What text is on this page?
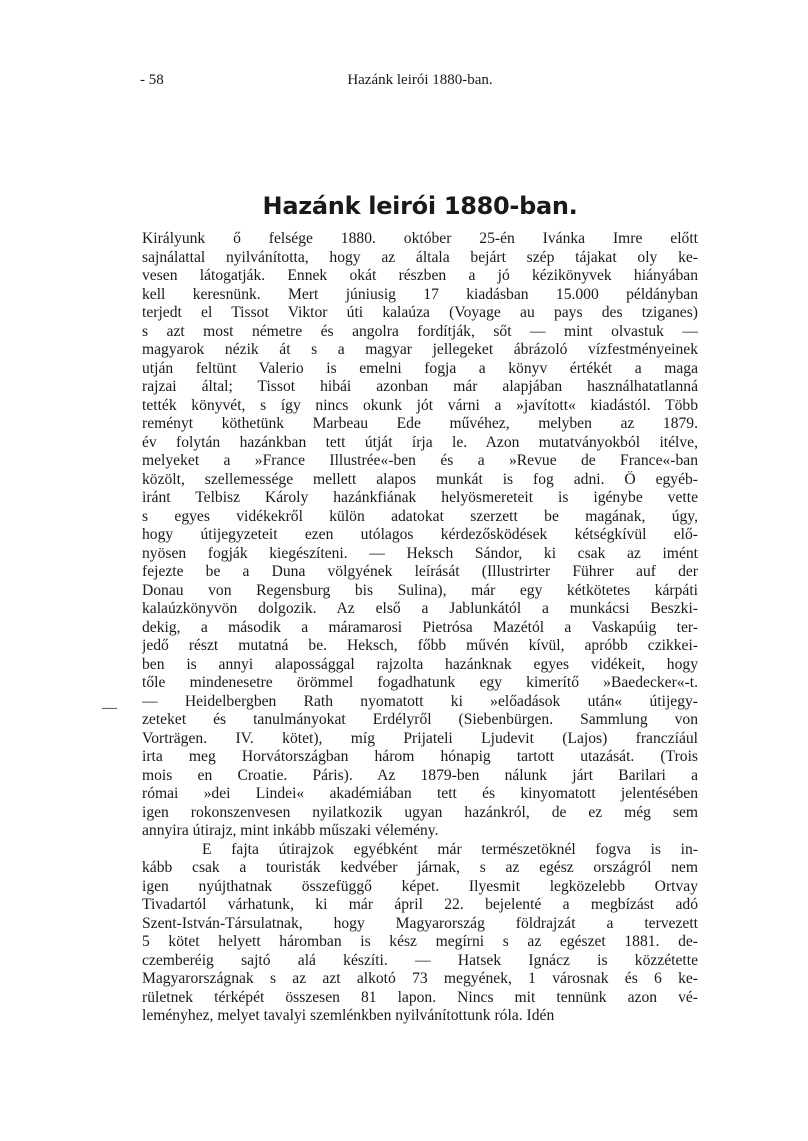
- 58	Hazánk leirói 1880-ban.
Hazánk leirói 1880-ban.
—
Királyunk ő felsége 1880. október 25-én Ivánka Imre előtt
sajnálattal nyilvánította, hogy az általa bejárt szép tájakat oly ke-
vesen látogatják. Ennek okát részben a jó kézikönyvek hiányában
kell keresnünk. Mert júniusig 17 kiadásban 15.000 példányban
terjedt el Tissot Viktor úti kalaúza (Voyage au pays des tziganes)
s azt most németre és angolra fordítják, sőt — mint olvastuk —
magyarok nézik át s a magyar jellegeket ábrázoló vízfestményeinek
utján feltünt Valerio is emelni fogja a könyv értékét a maga
rajzai által; Tissot hibái azonban már alapjában használhatatlanná
tették könyvét, s így nincs okunk jót várni a »javított« kiadástól. Több
reményt köthetünk Marbeau Ede művéhez, melyben az 1879.
év folytán hazánkban tett útját írja le. Azon mutatványokból itélve,
melyeket a »France Illustrée«-ben és a »Revue de France«-ban
közölt, szellemessége mellett alapos munkát is fog adni. Ő egyéb-
iránt Telbisz Károly hazánkfiának helyösmereteit is igénybe vette
s egyes vidékekről külön adatokat szerzett be magának, úgy,
hogy útijegyzeteit ezen utólagos kérdezősködések kétségkívül elő-
nyösen fogják kiegészíteni. — Heksch Sándor, ki csak az imént
fejezte be a Duna völgyének leírását (Illustrirter Führer auf der
Donau von Regensburg bis Sulina), már egy kétkötetes kárpáti
kalaúzkönyvön dolgozik. Az első a Jablunkától a munkácsi Beszki-
dekig, a második a máramarosi Pietrósa Mazétól a Vaskapúig ter-
jedő részt mutatná be. Heksch, főbb művén kívül, apróbb czikkei-
ben is annyi alapossággal rajzolta hazánknak egyes vidékeit, hogy
tőle mindenesetre örömmel fogadhatunk egy kimerítő »Baedecker«-t.
— Heidelbergben Rath nyomatott ki »előadások után« útijegy-
zeteket és tanulmányokat Erdélyről (Siebenbürgen. Sammlung von
Vorträgen. IV. kötet), míg Prijateli Ljudevit (Lajos) franczíául
irta meg Horvátországban három hónapig tartott utazását. (Trois
mois en Croatie. Páris). Az 1879-ben nálunk járt Barilari a
római »dei Lindei« akadémiában tett és kinyomatott jelentésében
igen rokonszenvesen nyilatkozik ugyan hazánkról, de ez még sem
annyira útirajz, mint inkább műszaki vélemény.
E fajta útirajzok egyébként már természetöknél fogva is in-
kább csak a touristák kedvéber járnak, s az egész országról nem
igen nyújthatnak összefüggő képet. Ilyesmit legközelebb Ortvay
Tivadartól várhatunk, ki már ápril 22. bejelenté a megbízást adó
Szent-István-Társulatnak, hogy Magyarország földrajzát a tervezett
5 kötet helyett háromban is kész megírni s az egészet 1881. de-
czemberéig sajtó alá készíti. — Hatsek Ignácz is közzétette
Magyarországnak s az azt alkotó 73 megyének, 1 városnak és 6 ke-
rületnek térképét összesen 81 lapon. Nincs mit tennünk azon vé-
leményhez, melyet tavalyi szemlénkben nyilvánítottunk róla. Idén
